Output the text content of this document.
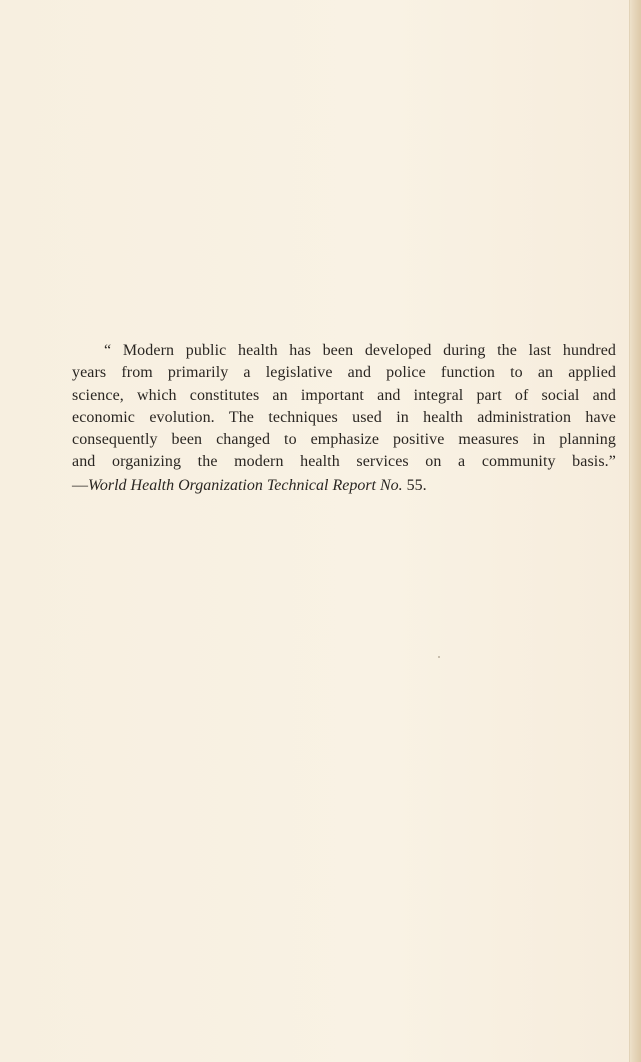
“ Modern public health has been developed during the last hundred
years from primarily a legislative and police function to an applied
science, which constitutes an important and integral part of social and
economic evolution. The techniques used in health administration have
consequently been changed to emphasize positive measures in planning
and organizing the modern health services on a community basis.”

—World Health Organization Technical Report No. 55.
